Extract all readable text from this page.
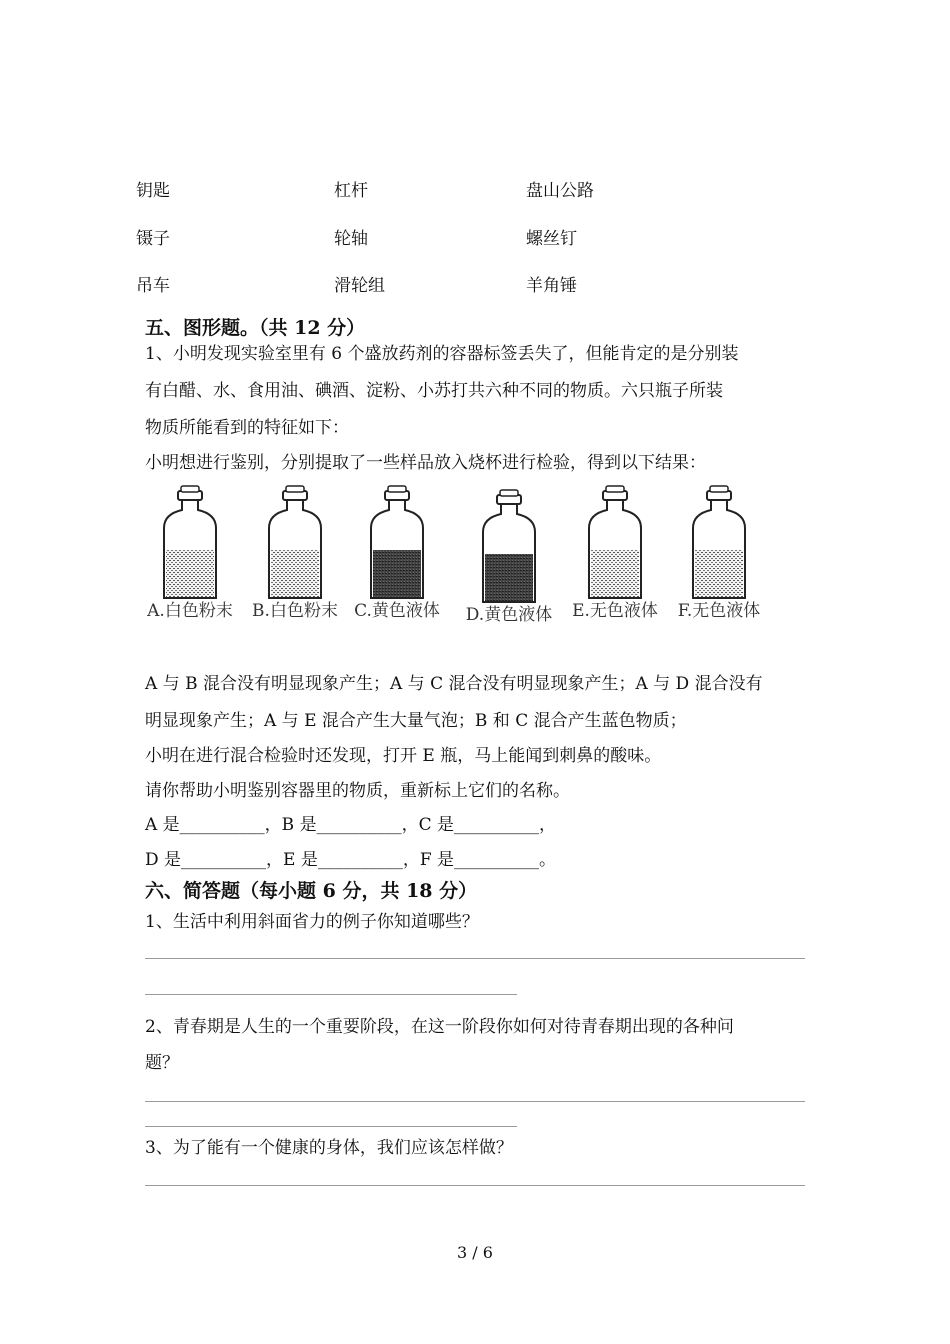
钥匙	杠杆	盘山公路
镊子	轮轴	螺丝钉
吊车	滑轮组	羊角锤
五、图形题。（共 12 分）
1、小明发现实验室里有 6 个盛放药剂的容器标签丢失了，但能肯定的是分别装
有白醋、水、食用油、碘酒、淀粉、小苏打共六种不同的物质。六只瓶子所装
物质所能看到的特征如下：
小明想进行鉴别，分别提取了一些样品放入烧杯进行检验，得到以下结果：
A.白色粉末 B.白色粉末 C.黄色液体 D.黄色液体 E.无色液体 F.无色液体
A 与 B 混合没有明显现象产生；A 与 C 混合没有明显现象产生；A 与 D 混合没有
明显现象产生；A 与 E 混合产生大量气泡；B 和 C 混合产生蓝色物质；
小明在进行混合检验时还发现，打开 E 瓶，马上能闻到刺鼻的酸味。
请你帮助小明鉴别容器里的物质，重新标上它们的名称。
A 是__________，B 是__________，C 是__________，
D 是__________，E 是__________，F 是__________。
六、简答题（每小题 6 分，共 18 分）
1、生活中利用斜面省力的例子你知道哪些？
2、青春期是人生的一个重要阶段，在这一阶段你如何对待青春期出现的各种问
题？
3、为了能有一个健康的身体，我们应该怎样做？
3 / 6
